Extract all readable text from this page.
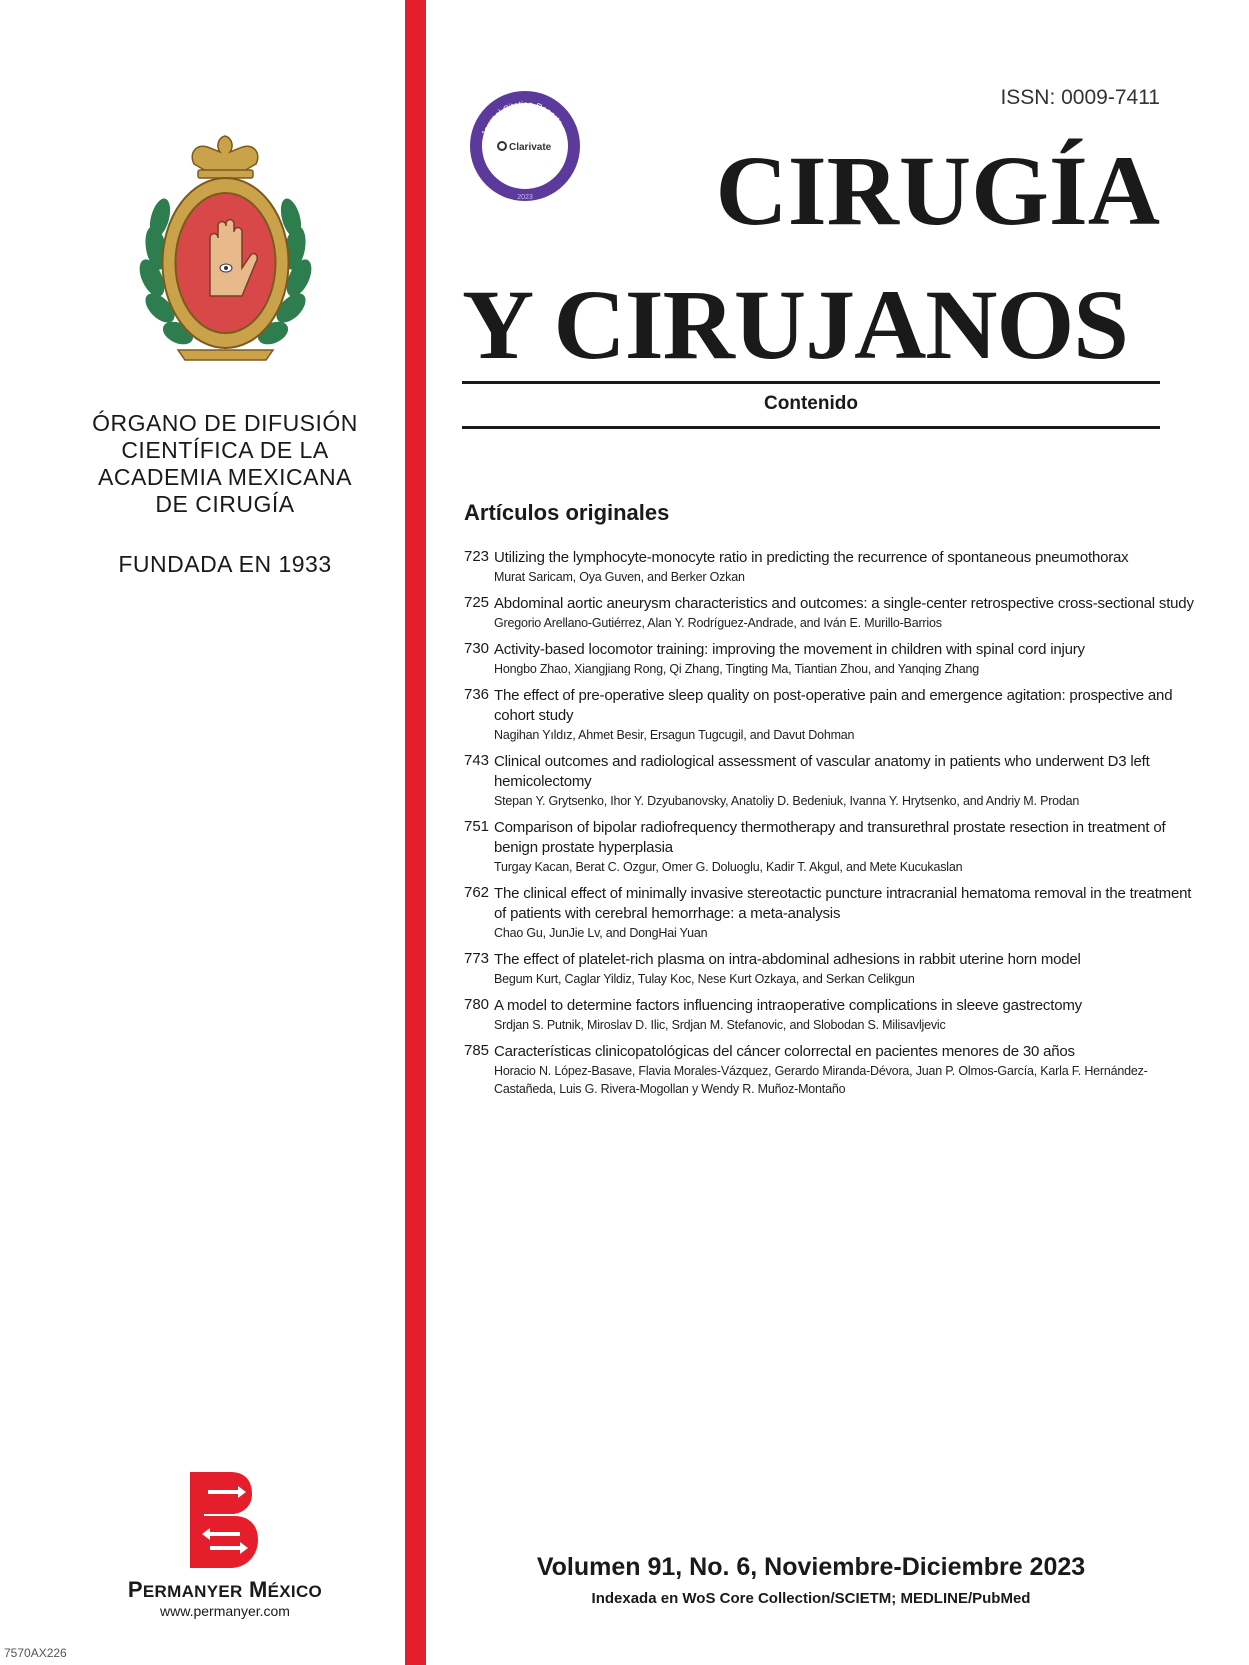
ÓRGANO DE DIFUSIÓN
CIENTÍFICA DE LA
ACADEMIA MEXICANA
DE CIRUGÍA
FUNDADA EN 1933
PERMANYER MÉXICO
www.permanyer.com
7570AX226
Journal Citation Reports
Clarivate
2023
ISSN: 0009-7411
CIRUGÍA
Y CIRUJANOS
Contenido
Artículos originales
723 Utilizing the lymphocyte-monocyte ratio in predicting the recurrence of spontaneous pneumothorax
Murat Saricam, Oya Guven, and Berker Ozkan
725 Abdominal aortic aneurysm characteristics and outcomes: a single-center retrospective cross-sectional study
Gregorio Arellano-Gutiérrez, Alan Y. Rodríguez-Andrade, and Iván E. Murillo-Barrios
730 Activity-based locomotor training: improving the movement in children with spinal cord injury
Hongbo Zhao, Xiangjiang Rong, Qi Zhang, Tingting Ma, Tiantian Zhou, and Yanqing Zhang
736 The effect of pre-operative sleep quality on post-operative pain and emergence agitation: prospective and cohort study
Nagihan Yıldız, Ahmet Besir, Ersagun Tugcugil, and Davut Dohman
743 Clinical outcomes and radiological assessment of vascular anatomy in patients who underwent D3 left hemicolectomy
Stepan Y. Grytsenko, Ihor Y. Dzyubanovsky, Anatoliy D. Bedeniuk, Ivanna Y. Hrytsenko, and Andriy M. Prodan
751 Comparison of bipolar radiofrequency thermotherapy and transurethral prostate resection in treatment of benign prostate hyperplasia
Turgay Kacan, Berat C. Ozgur, Omer G. Doluoglu, Kadir T. Akgul, and Mete Kucukaslan
762 The clinical effect of minimally invasive stereotactic puncture intracranial hematoma removal in the treatment of patients with cerebral hemorrhage: a meta-analysis
Chao Gu, JunJie Lv, and DongHai Yuan
773 The effect of platelet-rich plasma on intra-abdominal adhesions in rabbit uterine horn model
Begum Kurt, Caglar Yildiz, Tulay Koc, Nese Kurt Ozkaya, and Serkan Celikgun
780 A model to determine factors influencing intraoperative complications in sleeve gastrectomy
Srdjan S. Putnik, Miroslav D. Ilic, Srdjan M. Stefanovic, and Slobodan S. Milisavljevic
785 Características clinicopatológicas del cáncer colorrectal en pacientes menores de 30 años
Horacio N. López-Basave, Flavia Morales-Vázquez, Gerardo Miranda-Dévora, Juan P. Olmos-García, Karla F. Hernández-Castañeda, Luis G. Rivera-Mogollan y Wendy R. Muñoz-Montaño
Volumen 91, No. 6, Noviembre-Diciembre 2023
Indexada en WoS Core Collection/SCIETM; MEDLINE/PubMed
